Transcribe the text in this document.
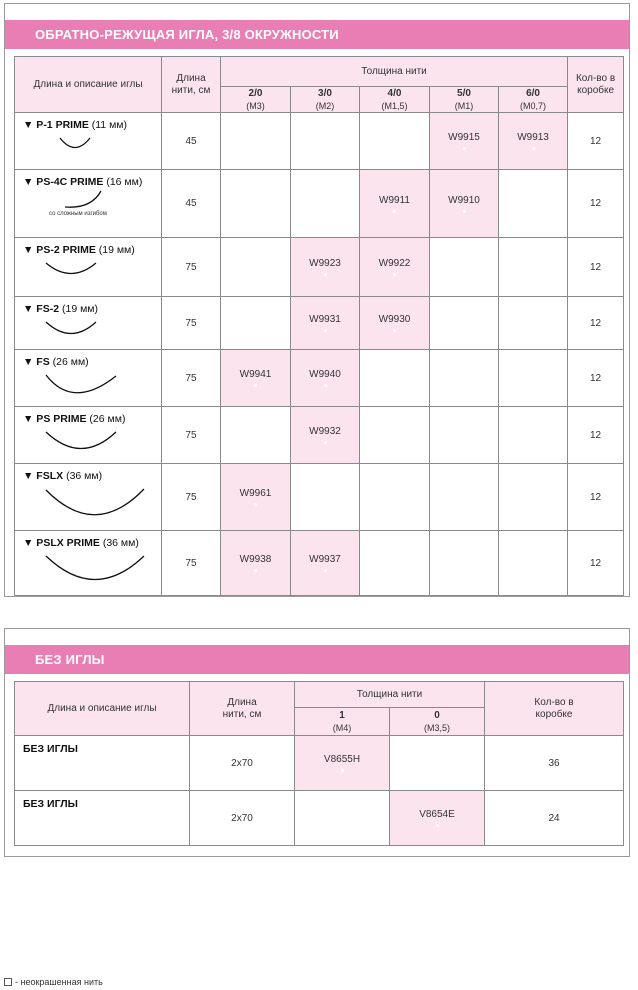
ОБРАТНО-РЕЖУЩАЯ ИГЛА, 3/8 ОКРУЖНОСТИ
Длина и описание иглы	Длина нити, см	Толщина нити					Кол-во в коробке

		2/0
(М3)	3/0
(М2)	4/0
(М1,5)	5/0
(М1)	6/0
(М0,7)	

▼ P-1 PRIME (11 мм)	45				W9915	W9913	12

▼ PS-4C PRIME (16 мм)
со сложным изгибом	45			W9911	W9910		12

▼ PS-2 PRIME (19 мм)	75		W9923	W9922			12

▼ FS-2 (19 мм)	75		W9931	W9930			12

▼ FS (26 мм)	75	W9941	W9940				12

▼ PS PRIME (26 мм)	75		W9932				12

▼ FSLX (36 мм)	75	W9961					12

▼ PSLX PRIME (36 мм)	75	W9938	W9937				12
БЕЗ ИГЛЫ
Длина и описание иглы	Длина нити, см	Толщина нити		Кол-во в коробке

		1
(М4)	0
(М3,5)	

БЕЗ ИГЛЫ	2x70	V8655H		36

БЕЗ ИГЛЫ	2x70		V8654E	24
- неокрашенная нить
